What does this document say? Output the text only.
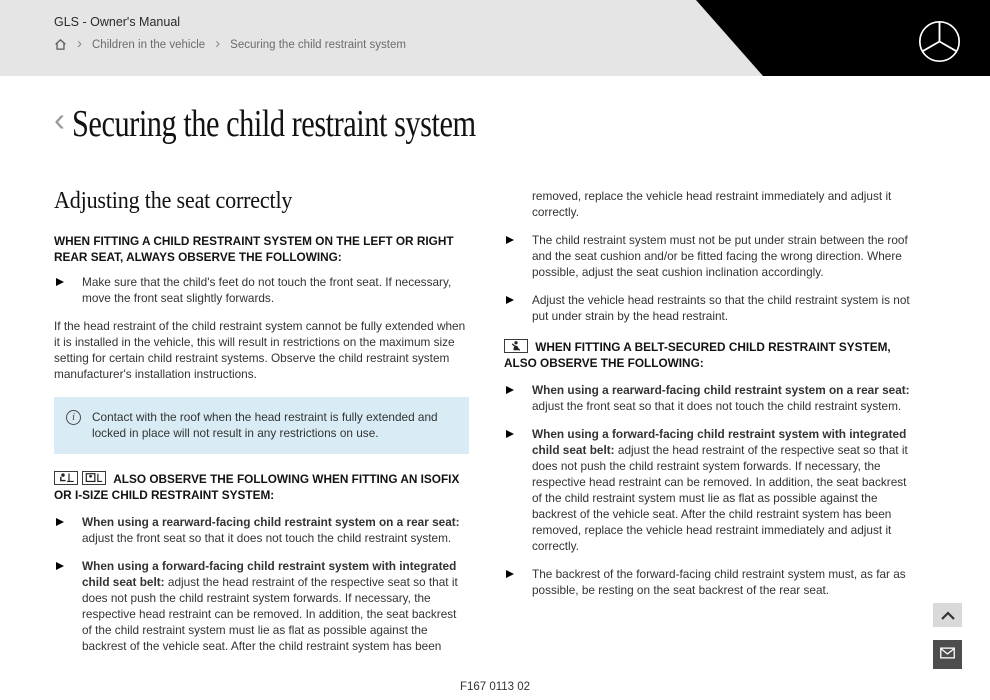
GLS - Owner's Manual
› Children in the vehicle › Securing the child restraint system
‹ Securing the child restraint system
Adjusting the seat correctly

WHEN FITTING A CHILD RESTRAINT SYSTEM ON THE LEFT OR RIGHT REAR SEAT, ALWAYS OBSERVE THE FOLLOWING:

Make sure that the child's feet do not touch the front seat. If necessary, move the front seat slightly forwards.

If the head restraint of the child restraint system cannot be fully extended when it is installed in the vehicle, this will result in restrictions on the maximum size setting for certain child restraint systems. Observe the child restraint system manufacturer's installation instructions.

i	Contact with the roof when the head restraint is fully extended and locked in place will not result in any restrictions on use.

ALSO OBSERVE THE FOLLOWING WHEN FITTING AN ISOFIX OR I-SIZE CHILD RESTRAINT SYSTEM:

When using a rearward-facing child restraint system on a rear seat: adjust the front seat so that it does not touch the child restraint system.

When using a forward-facing child restraint system with integrated child seat belt: adjust the head restraint of the respective seat so that it does not push the child restraint system forwards. If necessary, the respective head restraint can be removed. In addition, the seat backrest of the child restraint system must lie as flat as possible against the backrest of the vehicle seat. After the child restraint system has been

removed, replace the vehicle head restraint immediately and adjust it correctly.

The child restraint system must not be put under strain between the roof and the seat cushion and/or be fitted facing the wrong direction. Where possible, adjust the seat cushion inclination accordingly.

Adjust the vehicle head restraints so that the child restraint system is not put under strain by the head restraint.

WHEN FITTING A BELT-SECURED CHILD RESTRAINT SYSTEM, ALSO OBSERVE THE FOLLOWING:

When using a rearward-facing child restraint system on a rear seat: adjust the front seat so that it does not touch the child restraint system.

When using a forward-facing child restraint system with integrated child seat belt: adjust the head restraint of the respective seat so that it does not push the child restraint system forwards. If necessary, the respective head restraint can be removed. In addition, the seat backrest of the child restraint system must lie as flat as possible against the backrest of the vehicle seat. After the child restraint system has been removed, replace the vehicle head restraint immediately and adjust it correctly.

The backrest of the forward-facing child restraint system must, as far as possible, be resting on the seat backrest of the rear seat.

F167 0113 02
